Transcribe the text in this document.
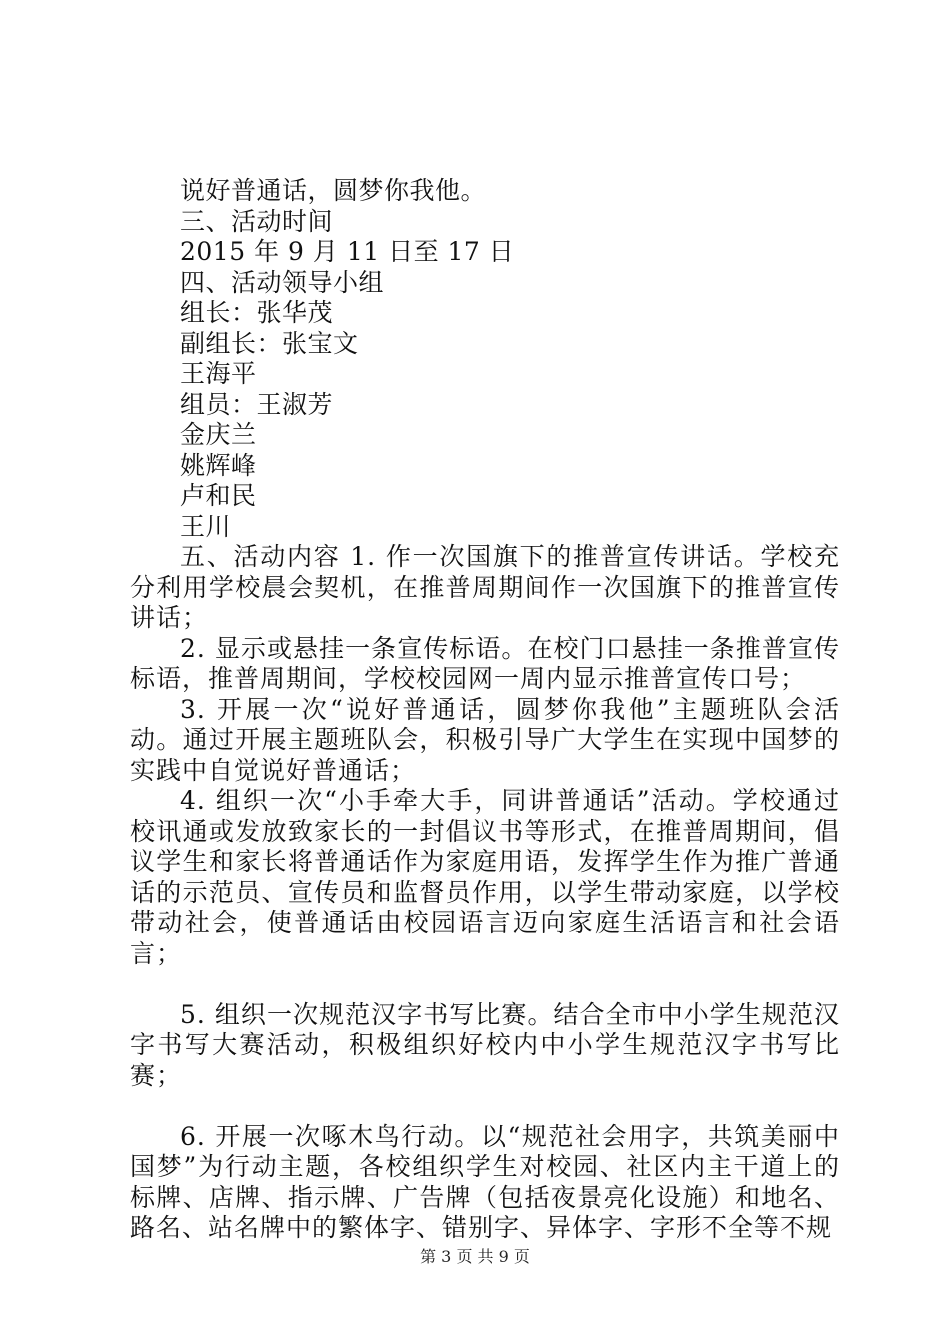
说好普通话，圆梦你我他。
三、活动时间
2015 年 9 月 11 日至 17 日
四、活动领导小组
组长：张华茂
副组长：张宝文
王海平
组员：王淑芳
金庆兰
姚辉峰
卢和民
王川
五、活动内容 1. 作一次国旗下的推普宣传讲话。学校充分利用学校晨会契机，在推普周期间作一次国旗下的推普宣传讲话；
2. 显示或悬挂一条宣传标语。在校门口悬挂一条推普宣传标语，推普周期间，学校校园网一周内显示推普宣传口号；
3. 开展一次“说好普通话，圆梦你我他”主题班队会活动。通过开展主题班队会，积极引导广大学生在实现中国梦的实践中自觉说好普通话；
4. 组织一次“小手牵大手，同讲普通话”活动。学校通过校讯通或发放致家长的一封倡议书等形式，在推普周期间，倡议学生和家长将普通话作为家庭用语，发挥学生作为推广普通话的示范员、宣传员和监督员作用，以学生带动家庭，以学校带动社会，使普通话由校园语言迈向家庭生活语言和社会语言；
5. 组织一次规范汉字书写比赛。结合全市中小学生规范汉字书写大赛活动，积极组织好校内中小学生规范汉字书写比赛；
6. 开展一次啄木鸟行动。以“规范社会用字，共筑美丽中国梦”为行动主题，各校组织学生对校园、社区内主干道上的标牌、店牌、指示牌、广告牌（包括夜景亮化设施）和地名、路名、站名牌中的繁体字、错别字、异体字、字形不全等不规
第 3 页 共 9 页
